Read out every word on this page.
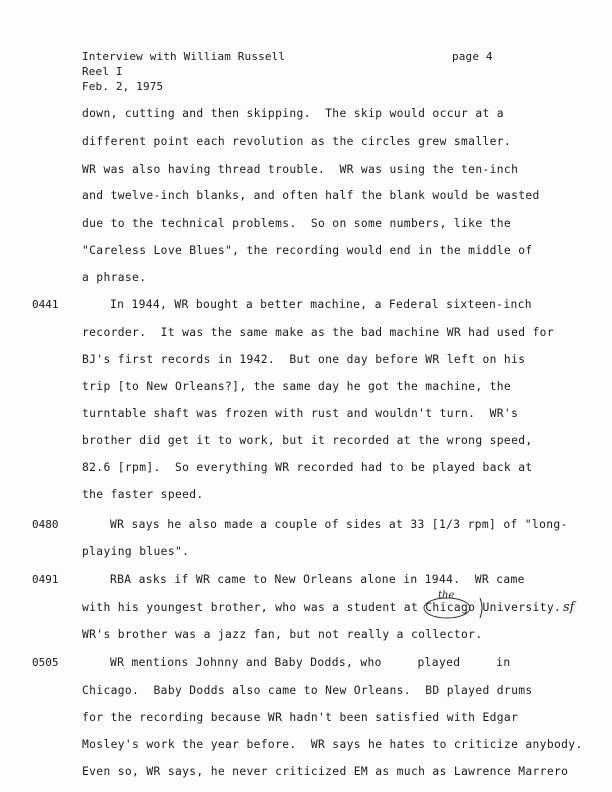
Interview with William Russell	page 4
Reel I
Feb. 2, 1975
down, cutting and then skipping.  The skip would occur at a
different point each revolution as the circles grew smaller.
WR was also having thread trouble.  WR was using the ten-inch
and twelve-inch blanks, and often half the blank would be wasted
due to the technical problems.  So on some numbers, like the
"Careless Love Blues", the recording would end in the middle of
a phrase.
0441	In 1944, WR bought a better machine, a Federal sixteen-inch
recorder.  It was the same make as the bad machine WR had used for
BJ's first records in 1942.  But one day before WR left on his
trip [to New Orleans?], the same day he got the machine, the
turntable shaft was frozen with rust and wouldn't turn.  WR's
brother did get it to work, but it recorded at the wrong speed,
82.6 [rpm].  So everything WR recorded had to be played back at
the faster speed.
0480	WR says he also made a couple of sides at 33 [1/3 rpm] of "long-
playing blues".
0491	RBA asks if WR came to New Orleans alone in 1944.  WR came
the
with his youngest brother, who was a student at Chicago University. sf
WR's brother was a jazz fan, but not really a collector.
0505	WR mentions Johnny and Baby Dodds, who     played     in
Chicago.  Baby Dodds also came to New Orleans.  BD played drums
for the recording because WR hadn't been satisfied with Edgar
Mosley's work the year before.  WR says he hates to criticize anybody.
Even so, WR says, he never criticized EM as much as Lawrence Marrero
